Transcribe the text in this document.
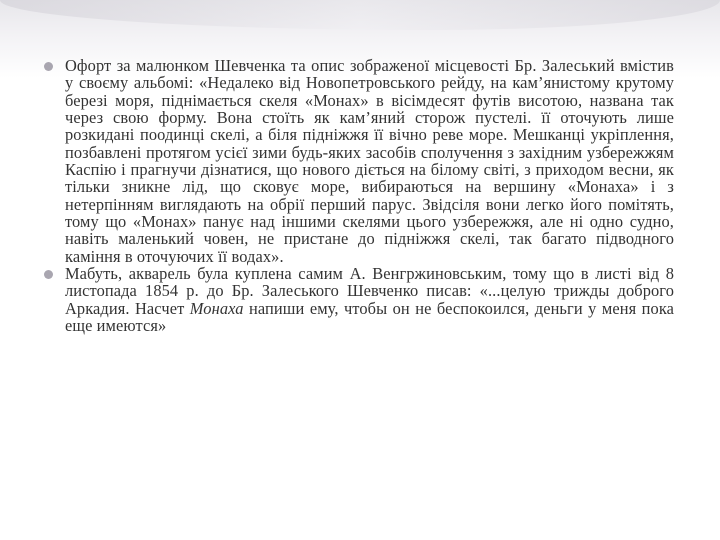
Офорт за малюнком Шевченка та опис зображеної місцевості Бр. Залеський вмістив у своєму альбомі: «Недалеко від Новопетровського рейду, на кам’янистому крутому березі моря, піднімається скеля «Монах» в вісімдесят футів висотою, названа так через свою форму. Вона стоїть як кам’яний сторож пустелі. її оточують лише розкидані поодинці скелі, а біля підніжжя її вічно реве море. Мешканці укріплення, позбавлені протягом усієї зими будь-яких засобів сполучення з західним узбережжям Каспію і прагнучи дізнатися, що нового діється на білому світі, з приходом весни, як тільки зникне лід, що сковує море, вибираються на вершину «Монаха» і з нетерпінням виглядають на обрії перший парус. Звідсіля вони легко його помітять, тому що «Монах» панує над іншими скелями цього узбережжя, але ні одно судно, навіть маленький човен, не пристане до підніжжя скелі, так багато підводного каміння в оточуючих її водах».
Мабуть, акварель була куплена самим А. Венгржиновським, тому що в листі від 8 листопада 1854 р. до Бр. Залеського Шевченко писав: «...целую трижды доброго Аркадия. Насчет Монаха напиши ему, чтобы он не беспокоился, деньги у меня пока еще имеются»
